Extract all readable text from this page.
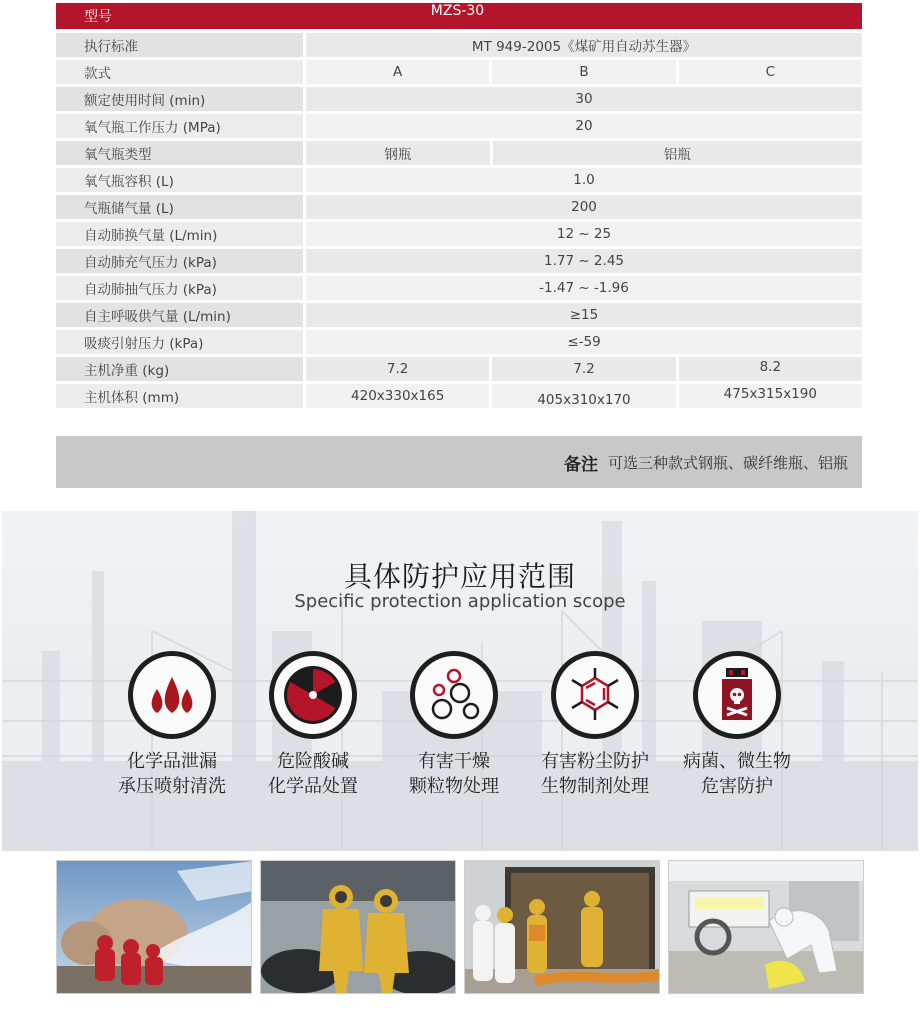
型号	MZS-30
执行标准	MT 949-2005《煤矿用自动苏生器》
款式	A	B	C
额定使用时间 (min)	30
氧气瓶工作压力 (MPa)	20
氧气瓶类型	钢瓶	铝瓶
氧气瓶容积 (L)	1.0
气瓶储气量 (L)	200
自动肺换气量 (L/min)	12 ~ 25
自动肺充气压力 (kPa)	1.77 ~ 2.45
自动肺抽气压力 (kPa)	-1.47 ~ -1.96
自主呼吸供气量 (L/min)	≥15
吸痰引射压力 (kPa)	≤-59
主机净重 (kg)	7.2	7.2	8.2
主机体积 (mm)	420x330x165	405x310x170	475x315x190
备注 可选三种款式钢瓶、碳纤维瓶、铝瓶
具体防护应用范围
Specific protection application scope
化学品泄漏
承压喷射清洗
危险酸碱
化学品处置
有害干燥
颗粒物处理
有害粉尘防护
生物制剂处理
病菌、微生物
危害防护
